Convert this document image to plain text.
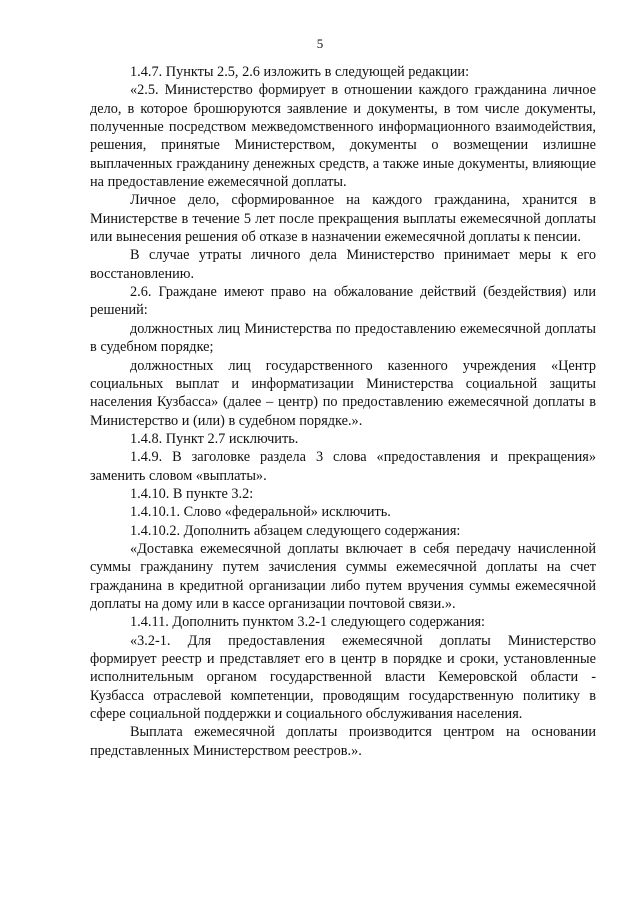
5

1.4.7. Пункты 2.5, 2.6 изложить в следующей редакции:

«2.5. Министерство формирует в отношении каждого гражданина личное дело, в которое брошюруются заявление и документы, в том числе документы, полученные посредством межведомственного информационного взаимодействия, решения, принятые Министерством, документы о возмещении излишне выплаченных гражданину денежных средств, а также иные документы, влияющие на предоставление ежемесячной доплаты.

Личное дело, сформированное на каждого гражданина, хранится в Министерстве в течение 5 лет после прекращения выплаты ежемесячной доплаты или вынесения решения об отказе в назначении ежемесячной доплаты к пенсии.

В случае утраты личного дела Министерство принимает меры к его восстановлению.

2.6. Граждане имеют право на обжалование действий (бездействия) или решений:

должностных лиц Министерства по предоставлению ежемесячной доплаты в судебном порядке;

должностных лиц государственного казенного учреждения «Центр социальных выплат и информатизации Министерства социальной защиты населения Кузбасса» (далее – центр) по предоставлению ежемесячной доплаты в Министерство и (или) в судебном порядке.».

1.4.8. Пункт 2.7 исключить.

1.4.9. В заголовке раздела 3 слова «предоставления и прекращения» заменить словом «выплаты».

1.4.10. В пункте 3.2:

1.4.10.1. Слово «федеральной» исключить.

1.4.10.2. Дополнить абзацем следующего содержания:

«Доставка ежемесячной доплаты включает в себя передачу начисленной суммы гражданину путем зачисления суммы ежемесячной доплаты на счет гражданина в кредитной организации либо путем вручения суммы ежемесячной доплаты на дому или в кассе организации почтовой связи.».

1.4.11. Дополнить пунктом 3.2-1 следующего содержания:

«3.2-1. Для предоставления ежемесячной доплаты Министерство формирует реестр и представляет его в центр в порядке и сроки, установленные исполнительным органом государственной власти Кемеровской области - Кузбасса отраслевой компетенции, проводящим государственную политику в сфере социальной поддержки и социального обслуживания населения.

Выплата ежемесячной доплаты производится центром на основании представленных Министерством реестров.».
